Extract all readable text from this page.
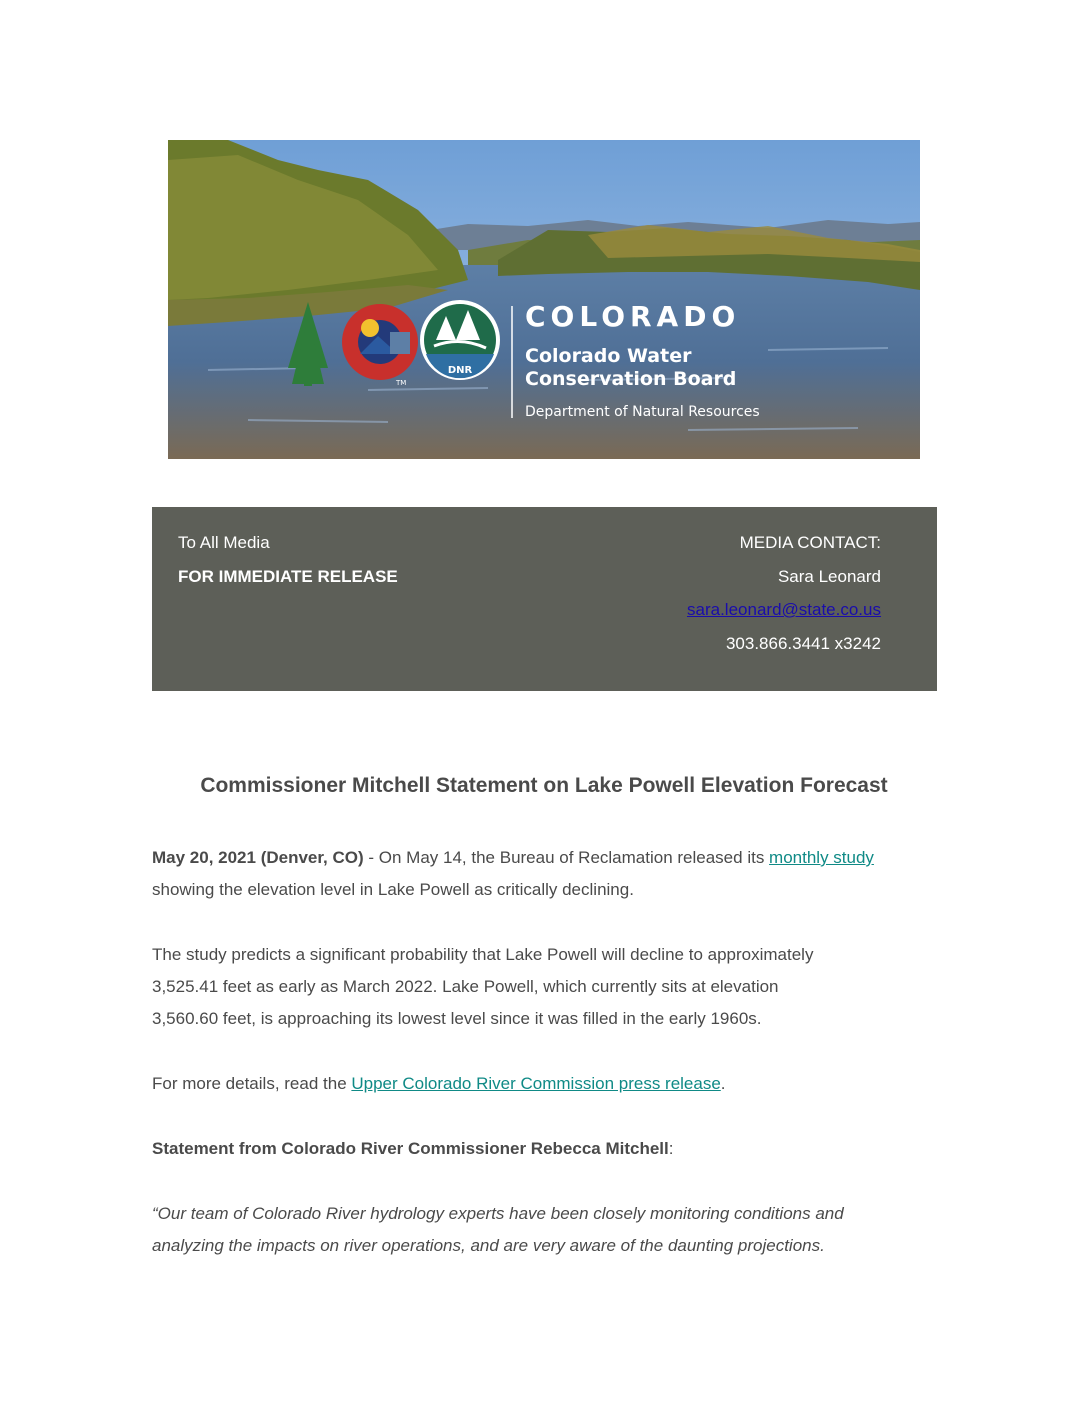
TM
DNR
COLORADO
Colorado Water
Conservation Board
Department of Natural Resources
To All Media
FOR IMMEDIATE RELEASE
MEDIA CONTACT:
Sara Leonard
sara.leonard@state.co.us
303.866.3441 x3242
Commissioner Mitchell Statement on Lake Powell Elevation Forecast

May 20, 2021 (Denver, CO) - On May 14, the Bureau of Reclamation released its monthly study
showing the elevation level in Lake Powell as critically declining.

The study predicts a significant probability that Lake Powell will decline to approximately
3,525.41 feet as early as March 2022. Lake Powell, which currently sits at elevation
3,560.60 feet, is approaching its lowest level since it was filled in the early 1960s.

For more details, read the Upper Colorado River Commission press release.

Statement from Colorado River Commissioner Rebecca Mitchell:

“Our team of Colorado River hydrology experts have been closely monitoring conditions and
analyzing the impacts on river operations, and are very aware of the daunting projections.
